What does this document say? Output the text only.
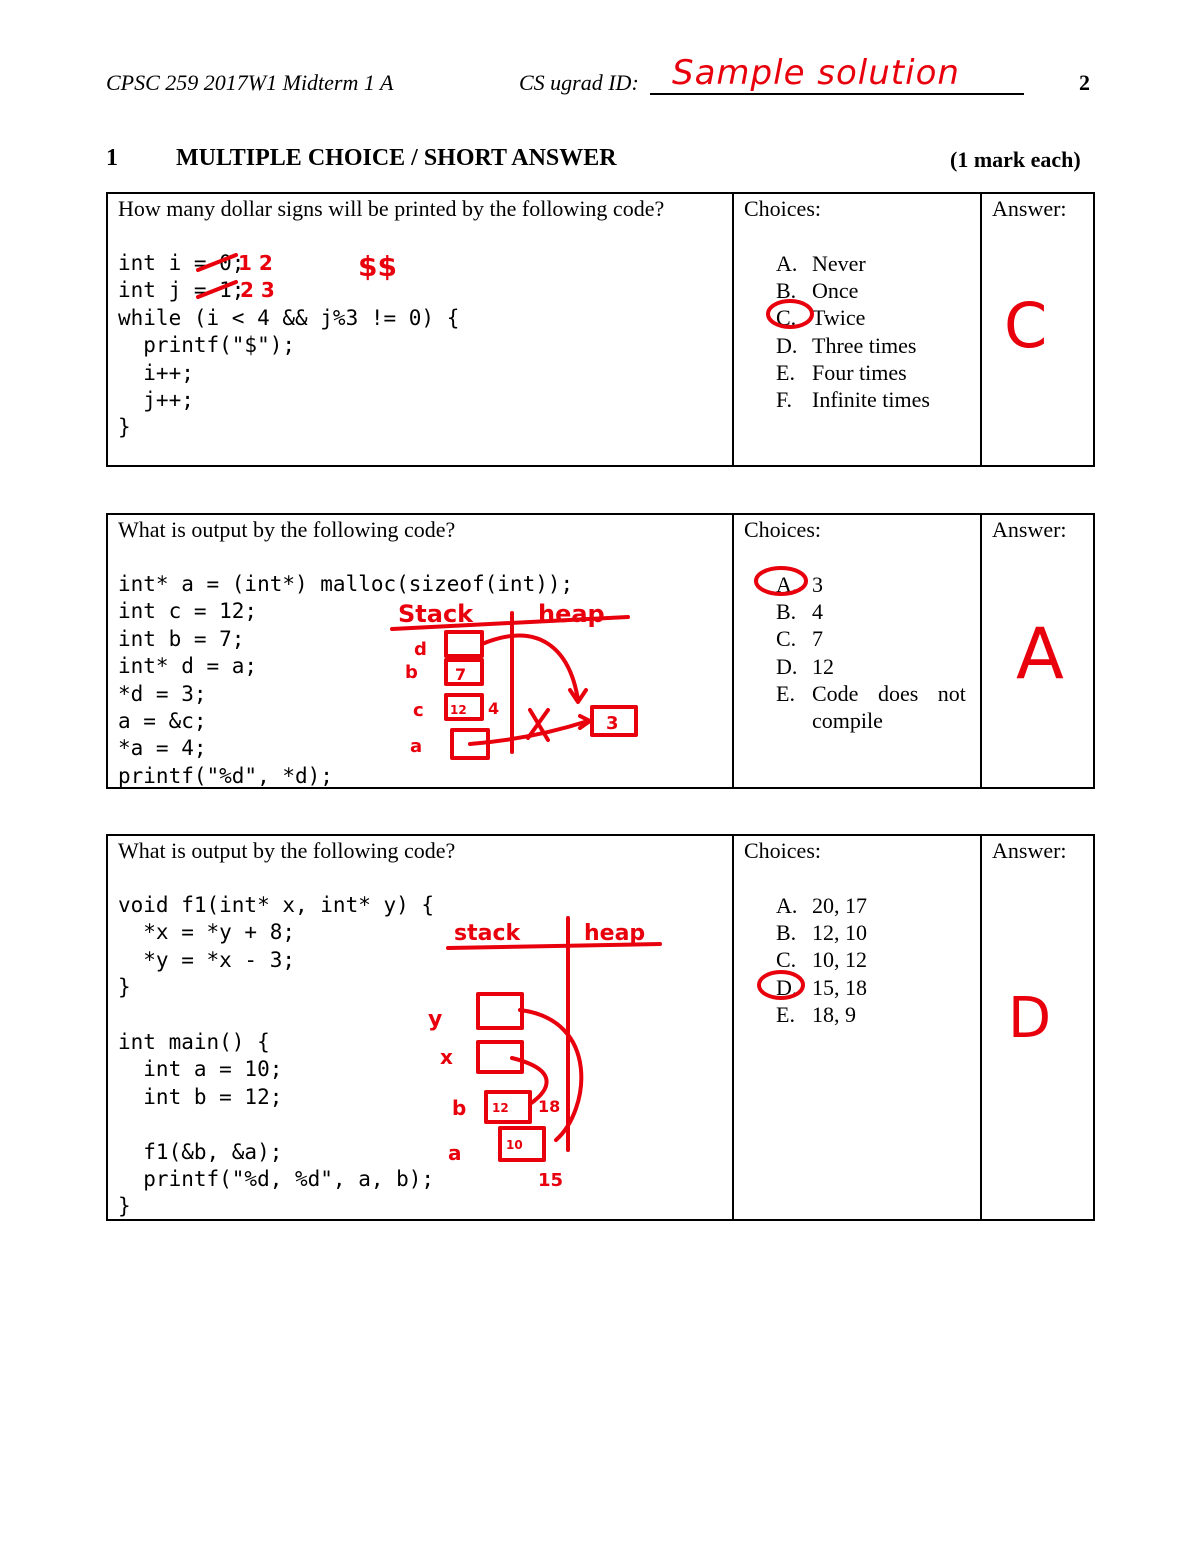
CPSC 259 2017W1 Midterm 1 A	CS ugrad ID: Sample solution	2
1 MULTIPLE CHOICE / SHORT ANSWER	(1 mark each)
How many dollar signs will be printed by the following code?
int i = 0;
int j = 1;
while (i < 4 && j%3 != 0) {
printf("$");
i++;
j++;
}
Choices:
A. Never
B. Once
C. Twice
D. Three times
E. Four times
F. Infinite times
Answer:
C
What is output by the following code?
int* a = (int*) malloc(sizeof(int));
int c = 12;
int b = 7;
int* d = a;
*d = 3;
a = &c;
*a = 4;
printf("%d", *d);
Choices:
A. 3
B. 4
C. 7
D. 12
E. Code does not
compile
Answer:
A
What is output by the following code?
void f1(int* x, int* y) {
*x = *y + 8;
*y = *x - 3;
}

int main() {
int a = 10;
int b = 12;

f1(&b, &a);
printf("%d, %d", a, b);
}
Choices:
A. 20, 17
B. 12, 10
C. 10, 12
D. 15, 18
E. 18, 9
Answer:
D
1 2
2 3
$$
Stack	heap
d
b 7
c 12 4
a
3
stack	heap
y
x
b 12 18
a	10
15
